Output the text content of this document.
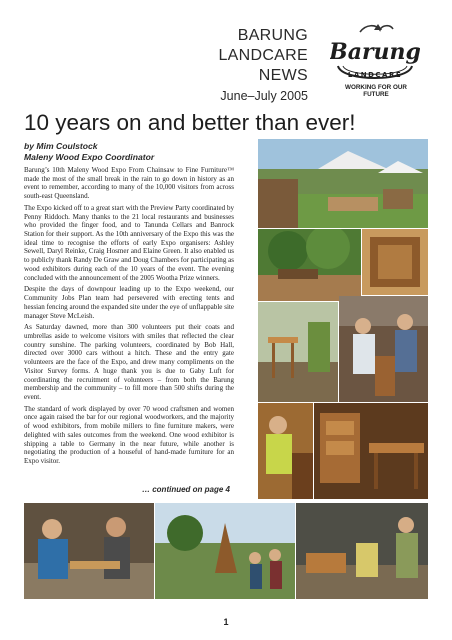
BARUNG
LANDCARE
NEWS
June–July 2005
Barung
LANDCARE
WORKING FOR OUR FUTURE
10 years on and better than ever!
by Mim Coulstock
Maleny Wood Expo Coordinator

Barung’s 10th Maleny Wood Expo From Chainsaw to Fine Furniture™ made the most of the small break in the rain to go down in history as an event to remember, according to many of the 10,000 visitors from across south-east Queensland.

The Expo kicked off to a great start with the Preview Party coordinated by Penny Riddoch. Many thanks to the 21 local restaurants and businesses who provided the finger food, and to Tanunda Cellars and Banrock Station for their support. As the 10th anniversary of the Expo this was the ideal time to recognise the efforts of early Expo organisers: Ashley Sewell, Daryl Reinke, Craig Hosmer and Elaine Green. It also enabled us to publicly thank Randy De Graw and Doug Chambers for participating as wood exhibitors during each of the 10 years of the event. The evening concluded with the announcement of the 2005 Wootha Prize winners.

Despite the days of downpour leading up to the Expo weekend, our Community Jobs Plan team had persevered with erecting tents and hessian fencing around the expanded site under the eye of unflappable site manager Steve McLeish.

As Saturday dawned, more than 300 volunteers put their coats and umbrellas aside to welcome visitors with smiles that reflected the clear country sunshine. The parking volunteers, coordinated by Bob Hall, directed over 3000 cars without a hitch. These and the entry gate volunteers are the face of the Expo, and drew many compliments on the Visitor Survey forms. A huge thank you is due to Gaby Luft for coordinating the recruitment of volunteers – from both the Barung membership and the community – to fill more than 500 shifts during the event.

The standard of work displayed by over 70 wood craftsmen and women once again raised the bar for our regional woodworkers, and the majority of wood exhibitors, from mobile millers to fine furniture makers, were delighted with sales outcomes from the weekend. One wood exhibitor is shipping a table to Germany in the near future, while another is negotiating the production of a houseful of hand-made furniture for an Expo visitor.

… continued on page 4
1
